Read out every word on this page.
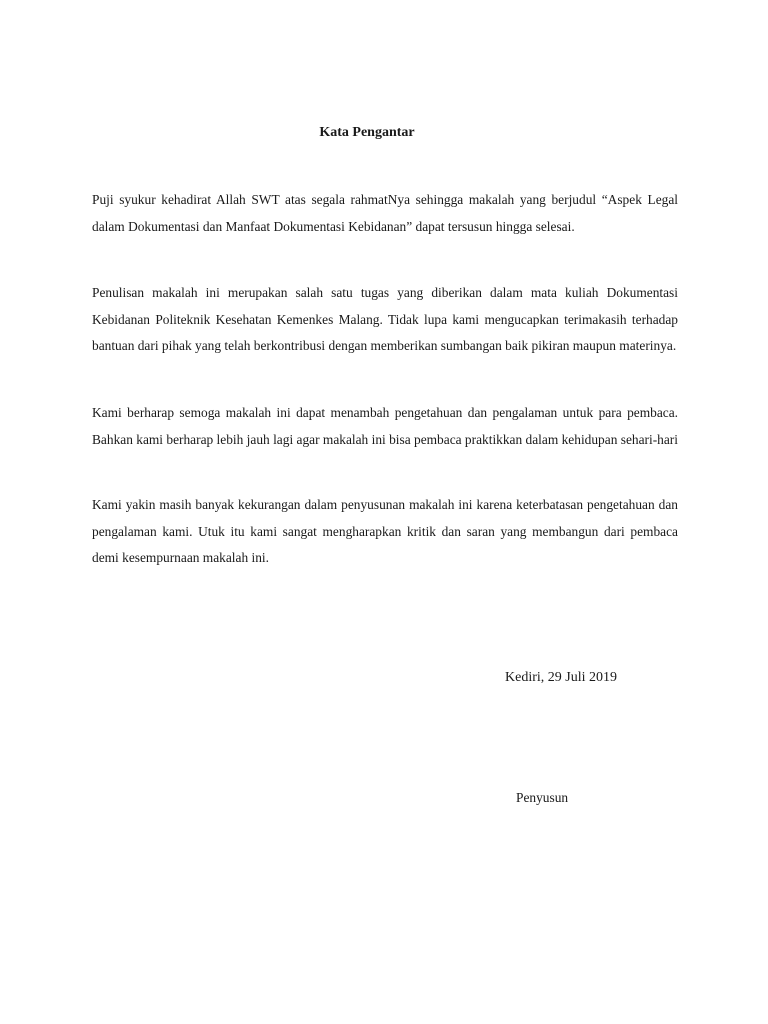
Kata Pengantar

Puji syukur kehadirat Allah SWT atas segala rahmatNya sehingga makalah yang berjudul “Aspek Legal dalam Dokumentasi dan Manfaat Dokumentasi Kebidanan” dapat tersusun hingga selesai.

Penulisan makalah ini merupakan salah satu tugas yang diberikan dalam mata kuliah Dokumentasi Kebidanan Politeknik Kesehatan Kemenkes Malang. Tidak lupa kami mengucapkan terimakasih terhadap bantuan dari pihak yang telah berkontribusi dengan memberikan sumbangan baik pikiran maupun materinya.

Kami berharap semoga makalah ini dapat menambah pengetahuan dan pengalaman untuk para pembaca. Bahkan kami berharap lebih jauh lagi agar makalah ini bisa pembaca praktikkan dalam kehidupan sehari-hari

Kami yakin masih banyak kekurangan dalam penyusunan makalah ini karena keterbatasan pengetahuan dan pengalaman kami. Utuk itu kami sangat mengharapkan kritik dan saran yang membangun dari pembaca demi kesempurnaan makalah ini.

Kediri, 29 Juli 2019
Penyusun
